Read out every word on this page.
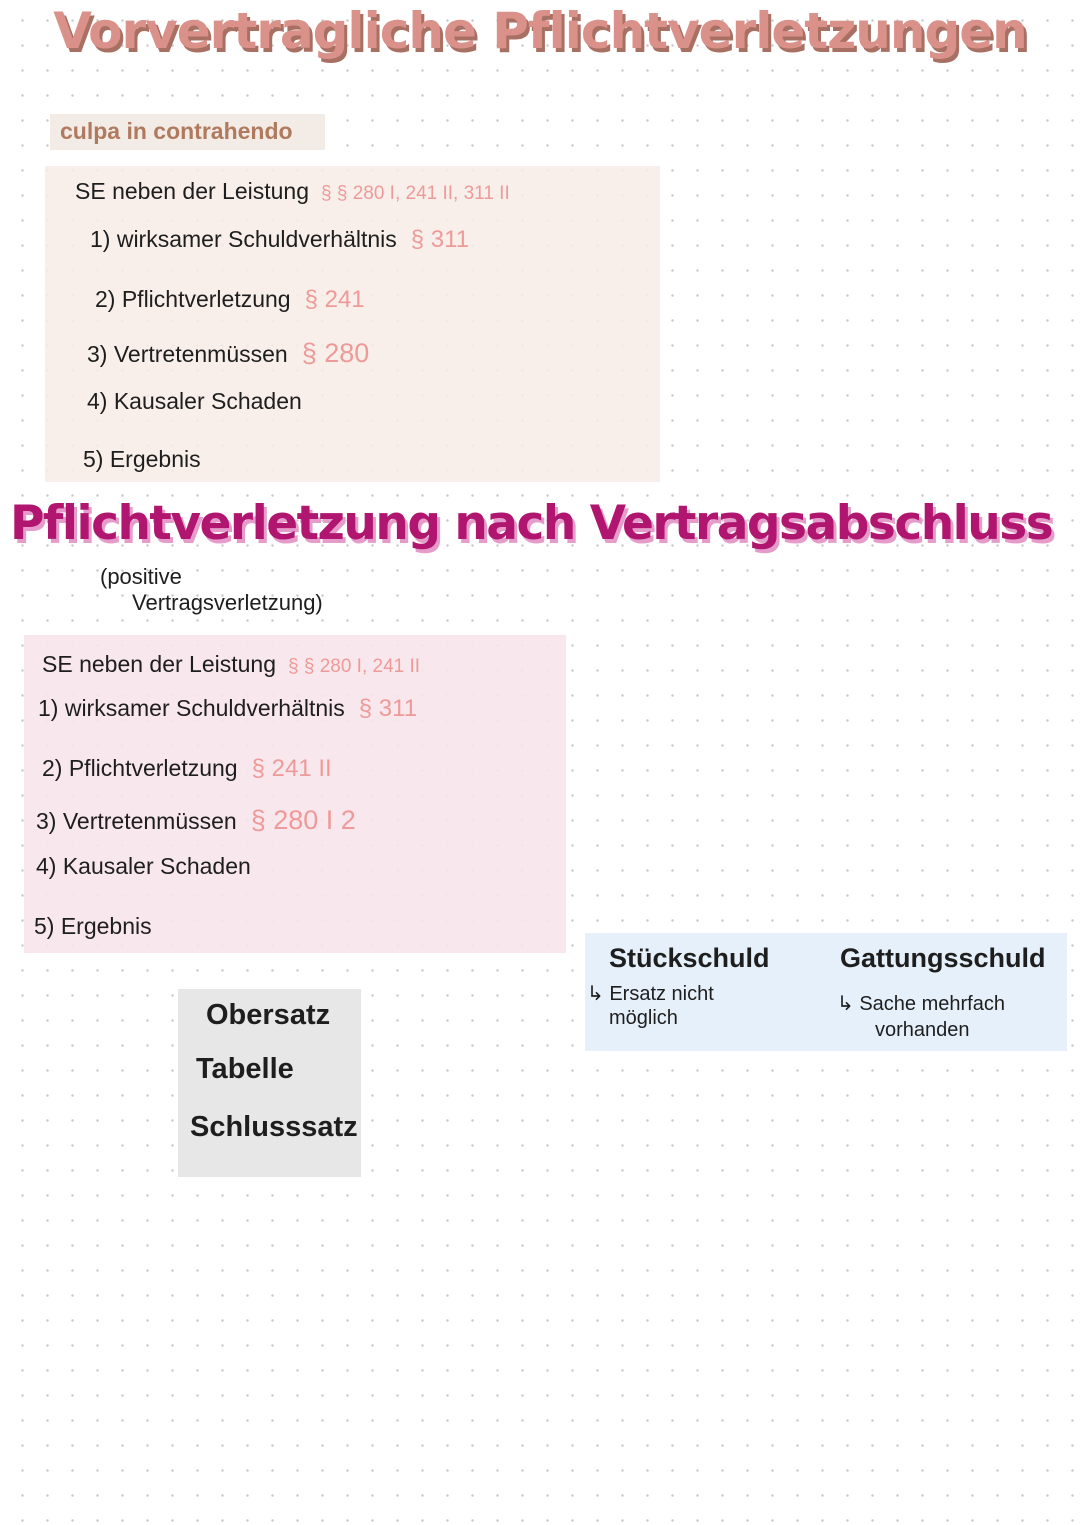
Vorvertragliche Pflichtverletzungen
culpa in contrahendo
SE neben der Leistung § § 280 I, 241 II, 311 II
1) wirksamer Schuldverhältnis § 311
2) Pflichtverletzung § 241
3) Vertretenmüssen § 280
4) Kausaler Schaden
5) Ergebnis
Pflichtverletzung nach Vertragsabschluss
(positive
Vertragsverletzung)
SE neben der Leistung § § 280 I, 241 II
1) wirksamer Schuldverhältnis § 311
2) Pflichtverletzung § 241 II
3) Vertretenmüssen § 280 I 2
4) Kausaler Schaden
5) Ergebnis
Obersatz
Tabelle
Schlusssatz
Stückschuld
↳ Ersatz nicht
möglich
Gattungsschuld
↳ Sache mehrfach
vorhanden
